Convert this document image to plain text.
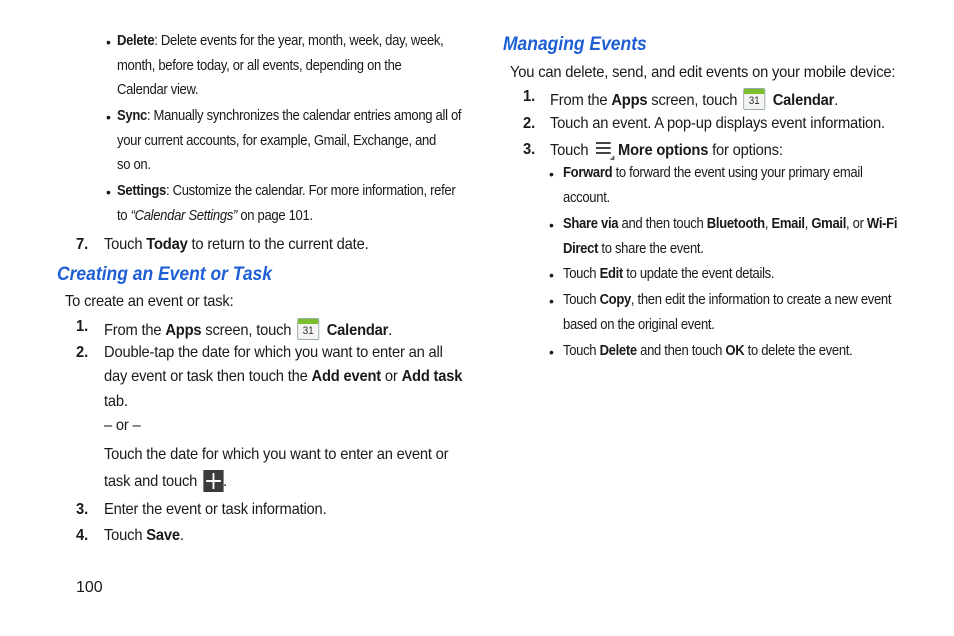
• Delete: Delete events for the year, month, week, day, week,
month, before today, or all events, depending on the
Calendar view.
• Sync: Manually synchronizes the calendar entries among all of
your current accounts, for example, Gmail, Exchange, and
so on.
• Settings: Customize the calendar. For more information, refer
to “Calendar Settings” on page 101.
7. Touch Today to return to the current date.
Creating an Event or Task
To create an event or task:
1. From the Apps screen, touch 31 Calendar.
2. Double-tap the date for which you want to enter an all
day event or task then touch the Add event or Add task
tab.
– or –
Touch the date for which you want to enter an event or
task and touch .
3. Enter the event or task information.
4. Touch Save.
100
Managing Events
You can delete, send, and edit events on your mobile device:
1. From the Apps screen, touch 31 Calendar.
2. Touch an event. A pop-up displays event information.
3. Touch
More options for options:
• Forward to forward the event using your primary email
account.
• Share via and then touch Bluetooth, Email, Gmail, or Wi-Fi
Direct to share the event.
• Touch Edit to update the event details.
• Touch Copy, then edit the information to create a new event
based on the original event.
• Touch Delete and then touch OK to delete the event.
